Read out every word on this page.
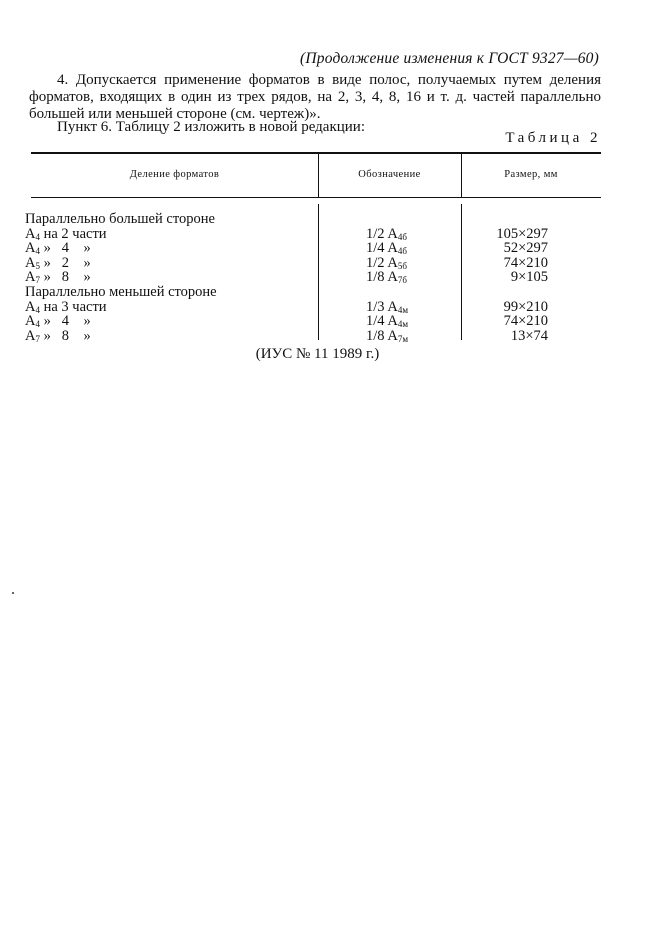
(Продолжение изменения к ГОСТ 9327—60)

4. Допускается применение форматов в виде полос, получаемых путем деления форматов, входящих в один из трех рядов, на 2, 3, 4, 8, 16 и т. д. частей параллельно большей или меньшей стороне (см. чертеж)».

Пункт 6. Таблицу 2 изложить в новой редакции:

Таблица 2
Деление форматов	Обозначение	Размер, мм
Параллельно большей стороне
$A_4$ на 2 части	1/2 $A_{4б}$	105×297
$A_4$ »   4    »	1/4 $A_{4б}$	52×297
$A_5$ »   2    »	1/2 $A_{5б}$	74×210
$A_7$ »   8    »	1/8 $A_{7б}$	9×105
Параллельно меньшей стороне
$A_4$ на 3 части	1/3 $A_{4м}$	99×210
$A_4$ »   4    »	1/4 $A_{4м}$	74×210
$A_7$ »   8    »	1/8 $A_{7м}$	13×74
(ИУС № 11 1989 г.)
